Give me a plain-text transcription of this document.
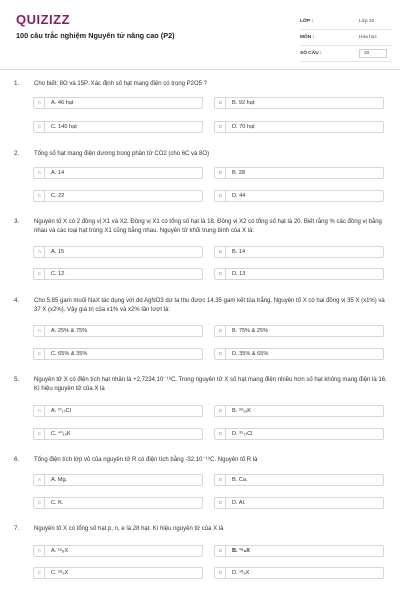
QUIZIZZ
100 câu trắc nghiệm Nguyên tử nâng cao (P2)
LỚP :	Lớp 10
MÔN :	Hóa học
SỐ CÂU :	20
1. Cho biết: 8O và 15P. Xác định số hạt mang điện có trong P2O5 ?
A	A. 46 hạt	B	B. 92 hạt
C	C. 140 hạt	D	D. 70 hạt
2. Tổng số hạt mang điện dương trong phân tử CO2 (cho 6C và 8O)
A	A. 14	B	B. 28
C	C. 22	D	D. 44
3. Nguyên tố X có 2 đồng vị X1 và X2. Đồng vị X1 có tổng số hạt là 18. Đồng vị X2 có tổng số hạt là 20. Biết rằng % các đồng vị bằng nhau và các loại hạt trong X1 cũng bằng nhau. Nguyên tử khối trung bình của X là:
A	A. 15	B	B. 14
C	C. 12	D	D. 13
4. Cho 5,85 gam muối NaX tác dụng với dd AgNO3 dư ta thu được 14,35 gam kết tủa trắng. Nguyên tố X có hai đồng vị 35 X (x1%) và 37 X (x2%). Vậy giá trị của x1% và x2% lần lượt là:
A	A. 25% & 75%	B	B. 75% & 25%
C	C. 65% & 35%	D	D. 35% & 65%
5. Nguyên tử X có điện tích hạt nhân là +2,7234.10⁻¹⁸C. Trong nguyên tử X số hạt mang điện nhiều hơn số hạt không mang điện là 16. Kí hiệu nguyên tử của X là
A	A. ³⁷₁₇Cl	B	B. ³⁹₁₉K
C	C. ⁴⁰₁₉K	D	D. ³⁵₁₇Cl
6. Tổng điện tích lớp vỏ của nguyên tử R có điện tích bằng -32.10⁻¹⁹C. Nguyên tố R là
A	A. Mg.	B	B. Ca.
C	C. K.	D	D. Al.
7. Nguyên tố X có tổng số hạt p, n, e là 28 hạt. Kí hiệu nguyên tử của X là
A	A. ¹⁶₈X	B	B. ¹⁹₉X
C	C. ²⁸₉X	D	D. ¹⁸₉X
